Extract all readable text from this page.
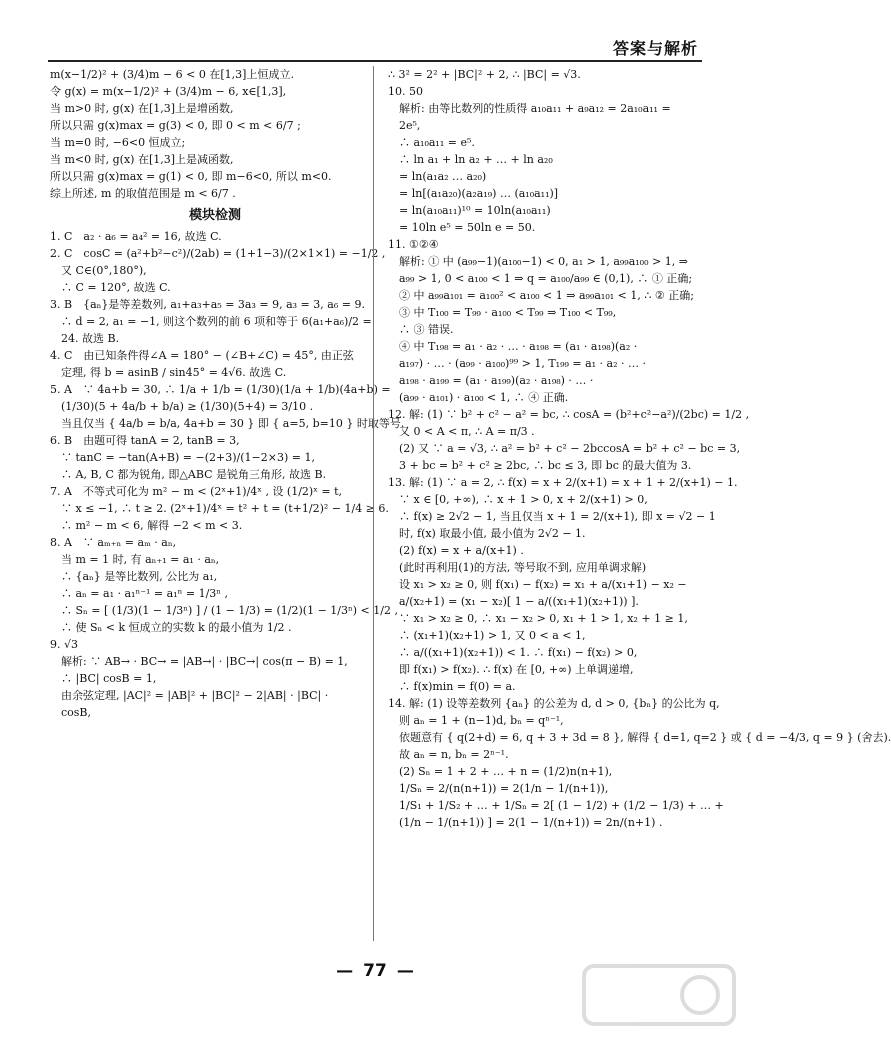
答案与解析
m(x−1/2)² + (3/4)m − 6 < 0 在[1,3]上恒成立.
令 g(x) = m(x−1/2)² + (3/4)m − 6, x∈[1,3],
当 m>0 时, g(x) 在[1,3]上是增函数,
所以只需 g(x)max = g(3) < 0, 即 0 < m < 6/7 ;
当 m=0 时, −6<0 恒成立;
当 m<0 时, g(x) 在[1,3]上是减函数,
所以只需 g(x)max = g(1) < 0, 即 m−6<0, 所以 m<0.
综上所述, m 的取值范围是 m < 6/7 .
模块检测
1. C　a₂ · a₆ = a₄² = 16, 故选 C.
2. C　cosC = (a²+b²−c²)/(2ab) = (1+1−3)/(2×1×1) = −1/2 ,
　又 C∈(0°,180°),
　∴ C = 120°, 故选 C.
3. B　{aₙ}是等差数列, a₁+a₃+a₅ = 3a₃ = 9, a₃ = 3, a₆ = 9.
　∴ d = 2, a₁ = −1, 则这个数列的前 6 项和等于 6(a₁+a₆)/2 =
　24. 故选 B.
4. C　由已知条件得∠A = 180° − (∠B+∠C) = 45°, 由正弦
　定理, 得 b = asinB / sin45° = 4√6. 故选 C.
5. A　∵ 4a+b = 30, ∴ 1/a + 1/b = (1/30)(1/a + 1/b)(4a+b) =
　(1/30)(5 + 4a/b + b/a) ≥ (1/30)(5+4) = 3/10 .
　当且仅当 { 4a/b = b/a, 4a+b = 30 } 即 { a=5, b=10 } 时取等号.
6. B　由题可得 tanA = 2, tanB = 3,
　∵ tanC = −tan(A+B) = −(2+3)/(1−2×3) = 1,
　∴ A, B, C 都为锐角, 即△ABC 是锐角三角形, 故选 B.
7. A　不等式可化为 m² − m < (2ˣ+1)/4ˣ , 设 (1/2)ˣ = t,
　∵ x ≤ −1, ∴ t ≥ 2. (2ˣ+1)/4ˣ = t² + t = (t+1/2)² − 1/4 ≥ 6.
　∴ m² − m < 6, 解得 −2 < m < 3.
8. A　∵ aₘ₊ₙ = aₘ · aₙ,
　当 m = 1 时, 有 aₙ₊₁ = a₁ · aₙ,
　∴ {aₙ} 是等比数列, 公比为 a₁,
　∴ aₙ = a₁ · a₁ⁿ⁻¹ = a₁ⁿ = 1/3ⁿ ,
　∴ Sₙ = [ (1/3)(1 − 1/3ⁿ) ] / (1 − 1/3) = (1/2)(1 − 1/3ⁿ) < 1/2 ,
　∴ 使 Sₙ < k 恒成立的实数 k 的最小值为 1/2 .
9. √3
　解析: ∵ AB→ · BC→ = |AB→| · |BC→| cos(π − B) = 1,
　∴ |BC| cosB = 1,
　由余弦定理, |AC|² = |AB|² + |BC|² − 2|AB| · |BC| ·
　cosB,
∴ 3² = 2² + |BC|² + 2, ∴ |BC| = √3.
10. 50
　解析: 由等比数列的性质得 a₁₀a₁₁ + a₉a₁₂ = 2a₁₀a₁₁ =
　2e⁵,
　∴ a₁₀a₁₁ = e⁵.
　∴ ln a₁ + ln a₂ + … + ln a₂₀
　= ln(a₁a₂ … a₂₀)
　= ln[(a₁a₂₀)(a₂a₁₉) … (a₁₀a₁₁)]
　= ln(a₁₀a₁₁)¹⁰ = 10ln(a₁₀a₁₁)
　= 10ln e⁵ = 50ln e = 50.
11. ①②④
　解析: ① 中 (a₉₉−1)(a₁₀₀−1) < 0, a₁ > 1, a₉₉a₁₀₀ > 1, ⇒
　a₉₉ > 1, 0 < a₁₀₀ < 1 ⇒ q = a₁₀₀/a₉₉ ∈ (0,1), ∴ ① 正确;
　② 中 a₉₉a₁₀₁ = a₁₀₀² < a₁₀₀ < 1 ⇒ a₉₉a₁₀₁ < 1, ∴ ② 正确;
　③ 中 T₁₀₀ = T₉₉ · a₁₀₀ < T₉₉ ⇒ T₁₀₀ < T₉₉,
　∴ ③ 错误.
　④ 中 T₁₉₈ = a₁ · a₂ · … · a₁₉₈ = (a₁ · a₁₉₈)(a₂ ·
　a₁₉₇) · … · (a₉₉ · a₁₀₀)⁹⁹ > 1, T₁₉₉ = a₁ · a₂ · … ·
　a₁₉₈ · a₁₉₉ = (a₁ · a₁₉₉)(a₂ · a₁₉₈) · … ·
　(a₉₉ · a₁₀₁) · a₁₀₀ < 1, ∴ ④ 正确.
12. 解: (1) ∵ b² + c² − a² = bc, ∴ cosA = (b²+c²−a²)/(2bc) = 1/2 ,
　又 0 < A < π, ∴ A = π/3 .
　(2) 又 ∵ a = √3, ∴ a² = b² + c² − 2bccosA = b² + c² − bc = 3,
　3 + bc = b² + c² ≥ 2bc, ∴ bc ≤ 3, 即 bc 的最大值为 3.
13. 解: (1) ∵ a = 2, ∴ f(x) = x + 2/(x+1) = x + 1 + 2/(x+1) − 1.
　∵ x ∈ [0, +∞), ∴ x + 1 > 0, x + 2/(x+1) > 0,
　∴ f(x) ≥ 2√2 − 1, 当且仅当 x + 1 = 2/(x+1), 即 x = √2 − 1
　时, f(x) 取最小值, 最小值为 2√2 − 1.
　(2) f(x) = x + a/(x+1) .
　(此时再利用(1)的方法, 等号取不到, 应用单调求解)
　设 x₁ > x₂ ≥ 0, 则 f(x₁) − f(x₂) = x₁ + a/(x₁+1) − x₂ −
　a/(x₂+1) = (x₁ − x₂)[ 1 − a/((x₁+1)(x₂+1)) ].
　∵ x₁ > x₂ ≥ 0, ∴ x₁ − x₂ > 0, x₁ + 1 > 1, x₂ + 1 ≥ 1,
　∴ (x₁+1)(x₂+1) > 1, 又 0 < a < 1,
　∴ a/((x₁+1)(x₂+1)) < 1. ∴ f(x₁) − f(x₂) > 0,
　即 f(x₁) > f(x₂). ∴ f(x) 在 [0, +∞) 上单调递增,
　∴ f(x)min = f(0) = a.
14. 解: (1) 设等差数列 {aₙ} 的公差为 d, d > 0, {bₙ} 的公比为 q,
　则 aₙ = 1 + (n−1)d, bₙ = qⁿ⁻¹,
　依题意有 { q(2+d) = 6, q + 3 + 3d = 8 }, 解得 { d=1, q=2 } 或 { d = −4/3, q = 9 } (舍去).
　故 aₙ = n, bₙ = 2ⁿ⁻¹.
　(2) Sₙ = 1 + 2 + … + n = (1/2)n(n+1),
　1/Sₙ = 2/(n(n+1)) = 2(1/n − 1/(n+1)),
　1/S₁ + 1/S₂ + … + 1/Sₙ = 2[ (1 − 1/2) + (1/2 − 1/3) + … +
　(1/n − 1/(n+1)) ] = 2(1 − 1/(n+1)) = 2n/(n+1) .
— 77 —
